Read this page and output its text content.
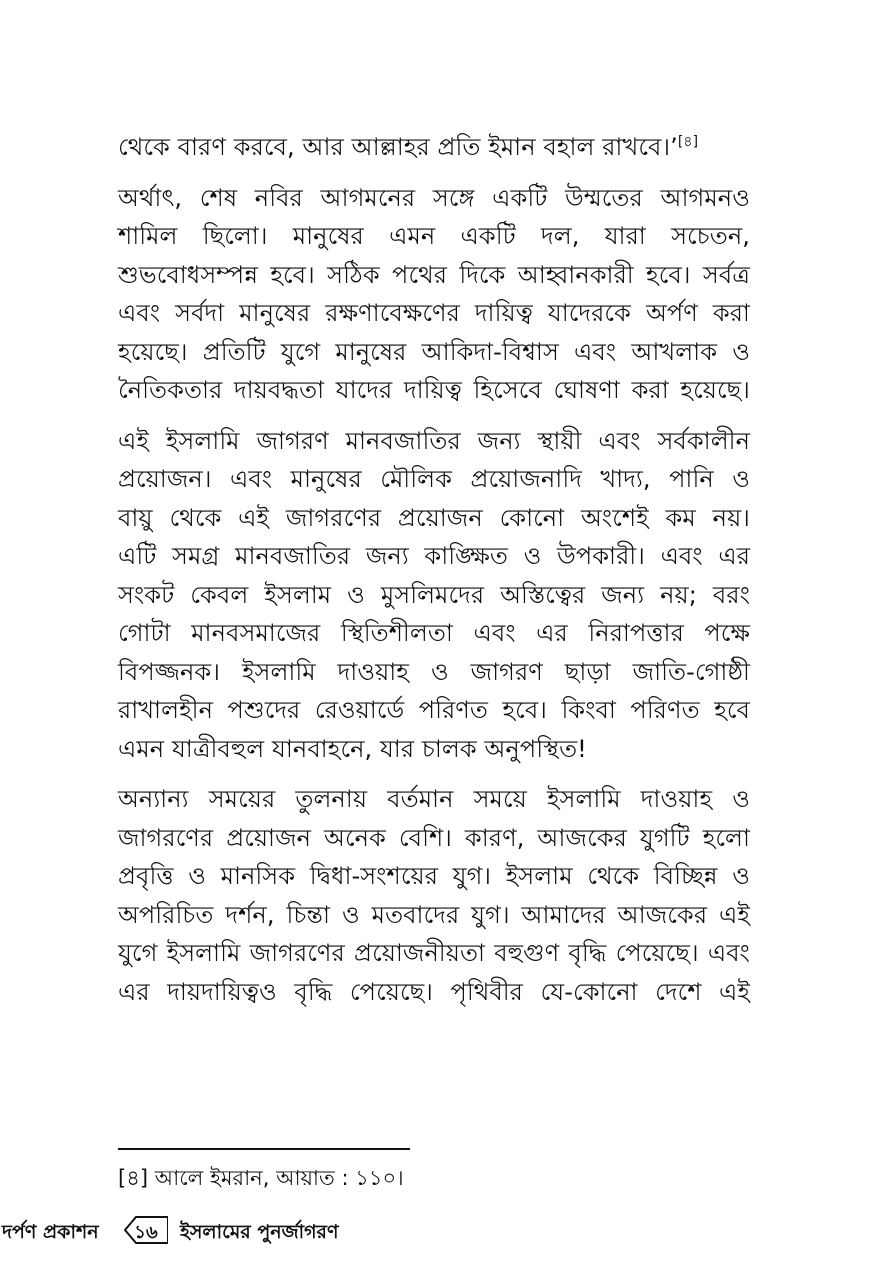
থেকে বারণ করবে, আর আল্লাহর প্রতি ইমান বহাল রাখবে।’[৪]

অর্থাৎ, শেষ নবির আগমনের সঙ্গে একটি উম্মতের আগমনও
শামিল ছিলো। মানুষের এমন একটি দল, যারা সচেতন,
শুভবোধসম্পন্ন হবে। সঠিক পথের দিকে আহ্বানকারী হবে। সর্বত্র
এবং সর্বদা মানুষের রক্ষণাবেক্ষণের দায়িত্ব যাদেরকে অর্পণ করা
হয়েছে। প্রতিটি যুগে মানুষের আকিদা-বিশ্বাস এবং আখলাক ও
নৈতিকতার দায়বদ্ধতা যাদের দায়িত্ব হিসেবে ঘোষণা করা হয়েছে।

এই ইসলামি জাগরণ মানবজাতির জন্য স্থায়ী এবং সর্বকালীন
প্রয়োজন। এবং মানুষের মৌলিক প্রয়োজনাদি খাদ্য, পানি ও
বায়ু থেকে এই জাগরণের প্রয়োজন কোনো অংশেই কম নয়।
এটি সমগ্র মানবজাতির জন্য কাঙ্ক্ষিত ও উপকারী। এবং এর
সংকট কেবল ইসলাম ও মুসলিমদের অস্তিত্বের জন্য নয়; বরং
গোটা মানবসমাজের স্থিতিশীলতা এবং এর নিরাপত্তার পক্ষে
বিপজ্জনক। ইসলামি দাওয়াহ ও জাগরণ ছাড়া জাতি-গোষ্ঠী
রাখালহীন পশুদের রেওয়ার্ডে পরিণত হবে। কিংবা পরিণত হবে
এমন যাত্রীবহুল যানবাহনে, যার চালক অনুপস্থিত!

অন্যান্য সময়ের তুলনায় বর্তমান সময়ে ইসলামি দাওয়াহ ও
জাগরণের প্রয়োজন অনেক বেশি। কারণ, আজকের যুগটি হলো
প্রবৃত্তি ও মানসিক দ্বিধা-সংশয়ের যুগ। ইসলাম থেকে বিচ্ছিন্ন ও
অপরিচিত দর্শন, চিন্তা ও মতবাদের যুগ। আমাদের আজকের এই
যুগে ইসলামি জাগরণের প্রয়োজনীয়তা বহুগুণ বৃদ্ধি পেয়েছে। এবং
এর দায়দায়িত্বও বৃদ্ধি পেয়েছে। পৃথিবীর যে-কোনো দেশে এই

[৪] আলে ইমরান, আয়াত : ১১০।
দর্পণ প্রকাশন	১৬	ইসলামের পুনর্জাগরণ
